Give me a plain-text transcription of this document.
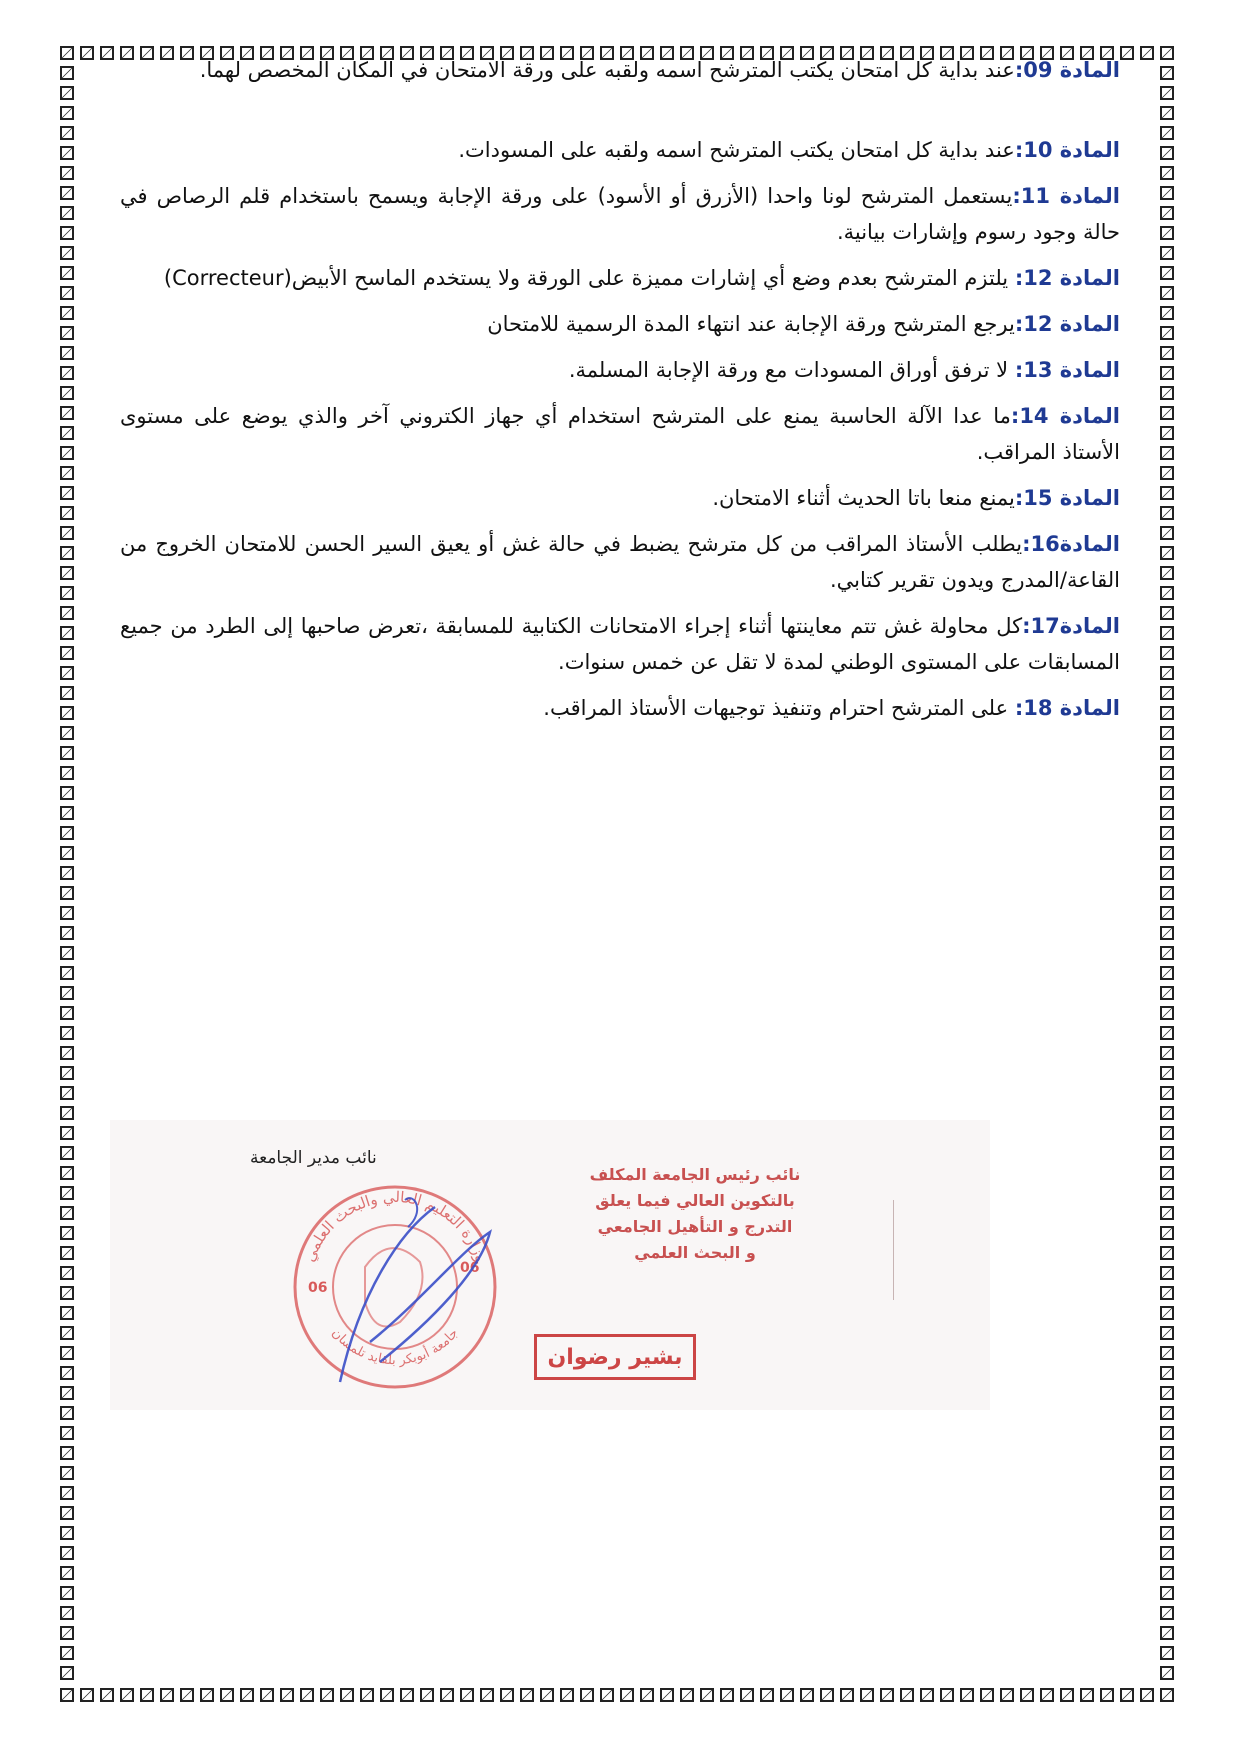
المادة 09:عند بداية كل امتحان يكتب المترشح اسمه ولقبه على ورقة الامتحان في المكان المخصص لهما.

المادة 10:عند بداية كل امتحان يكتب المترشح اسمه ولقبه على المسودات.

المادة 11:يستعمل المترشح لونا واحدا (الأزرق أو الأسود) على ورقة الإجابة ويسمح باستخدام قلم الرصاص في حالة وجود رسوم وإشارات بيانية.

المادة 12: يلتزم المترشح بعدم وضع أي إشارات مميزة على الورقة ولا يستخدم الماسح الأبيض(Correcteur)

المادة 12:يرجع المترشح ورقة الإجابة عند انتهاء المدة الرسمية للامتحان

المادة 13: لا ترفق أوراق المسودات مع ورقة الإجابة المسلمة.

المادة 14:ما عدا الآلة الحاسبة يمنع على المترشح استخدام أي جهاز الكتروني آخر والذي يوضع على مستوى الأستاذ المراقب.

المادة 15:يمنع منعا باتا الحديث أثناء الامتحان.

المادة16:يطلب الأستاذ المراقب من كل مترشح يضبط في حالة غش أو يعيق السير الحسن للامتحان الخروج من القاعة/المدرج ويدون تقرير كتابي.

المادة17:كل محاولة غش تتم معاينتها أثناء إجراء الامتحانات الكتابية للمسابقة ،تعرض صاحبها إلى الطرد من جميع المسابقات على المستوى الوطني لمدة لا تقل عن خمس سنوات.

المادة 18: على المترشح احترام وتنفيذ توجيهات الأستاذ المراقب.

نائب مدير الجامعة
وزارة التعليم العالي والبحث العلمي
جامعة أبوبكر بلقايد تلمسان
06
06
نائب رئيس الجامعة المكلف
بالتكوين العالي فيما يعلق
التدرج و التأهيل الجامعي
و البحث العلمي
بشير رضوان
